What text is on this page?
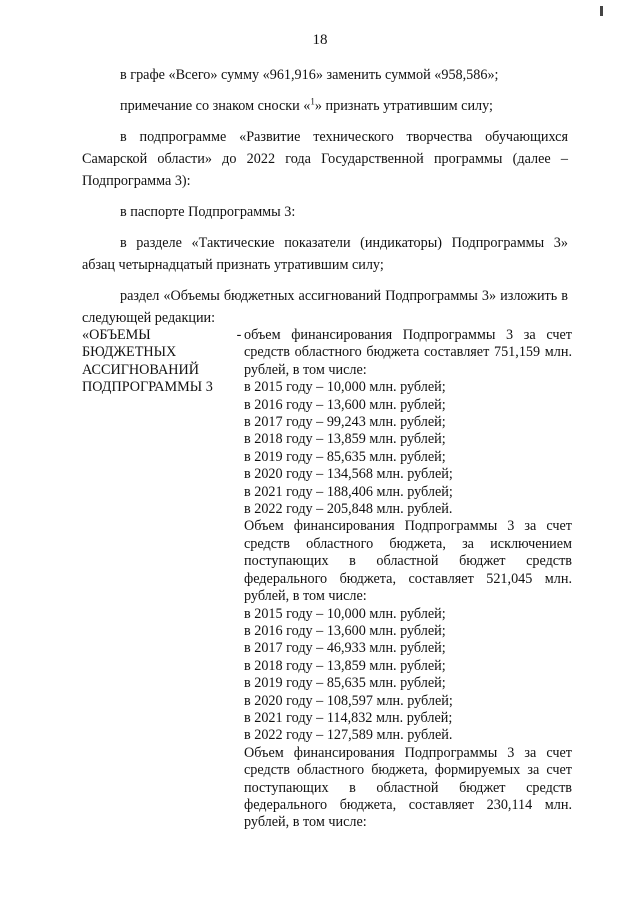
18
в графе «Всего» сумму «961,916» заменить суммой «958,586»;
примечание со знаком сноски «$^1$» признать утратившим силу;
в подпрограмме «Развитие технического творчества обучающихся Самарской области» до 2022 года Государственной программы (далее – Подпрограмма 3):
в паспорте Подпрограммы 3:
в разделе «Тактические показатели (индикаторы) Подпрограммы 3» абзац четырнадцатый признать утратившим силу;
раздел «Объемы бюджетных ассигнований Подпрограммы 3» изложить в следующей редакции:
«ОБЪЕМЫ
БЮДЖЕТНЫХ
АССИГНОВАНИЙ
ПОДПРОГРАММЫ 3
- объем финансирования Подпрограммы 3 за счет средств областного бюджета составляет 751,159 млн. рублей, в том числе:
в 2015 году – 10,000 млн. рублей;
в 2016 году – 13,600 млн. рублей;
в 2017 году – 99,243 млн. рублей;
в 2018 году – 13,859 млн. рублей;
в 2019 году – 85,635 млн. рублей;
в 2020 году – 134,568 млн. рублей;
в 2021 году – 188,406 млн. рублей;
в 2022 году – 205,848 млн. рублей.
Объем финансирования Подпрограммы 3 за счет средств областного бюджета, за исключением поступающих в областной бюджет средств федерального бюджета, составляет 521,045 млн. рублей, в том числе:
в 2015 году – 10,000 млн. рублей;
в 2016 году – 13,600 млн. рублей;
в 2017 году – 46,933 млн. рублей;
в 2018 году – 13,859 млн. рублей;
в 2019 году – 85,635 млн. рублей;
в 2020 году – 108,597 млн. рублей;
в 2021 году – 114,832 млн. рублей;
в 2022 году – 127,589 млн. рублей.
Объем финансирования Подпрограммы 3 за счет средств областного бюджета, формируемых за счет поступающих в областной бюджет средств федерального бюджета, составляет 230,114 млн. рублей, в том числе:
